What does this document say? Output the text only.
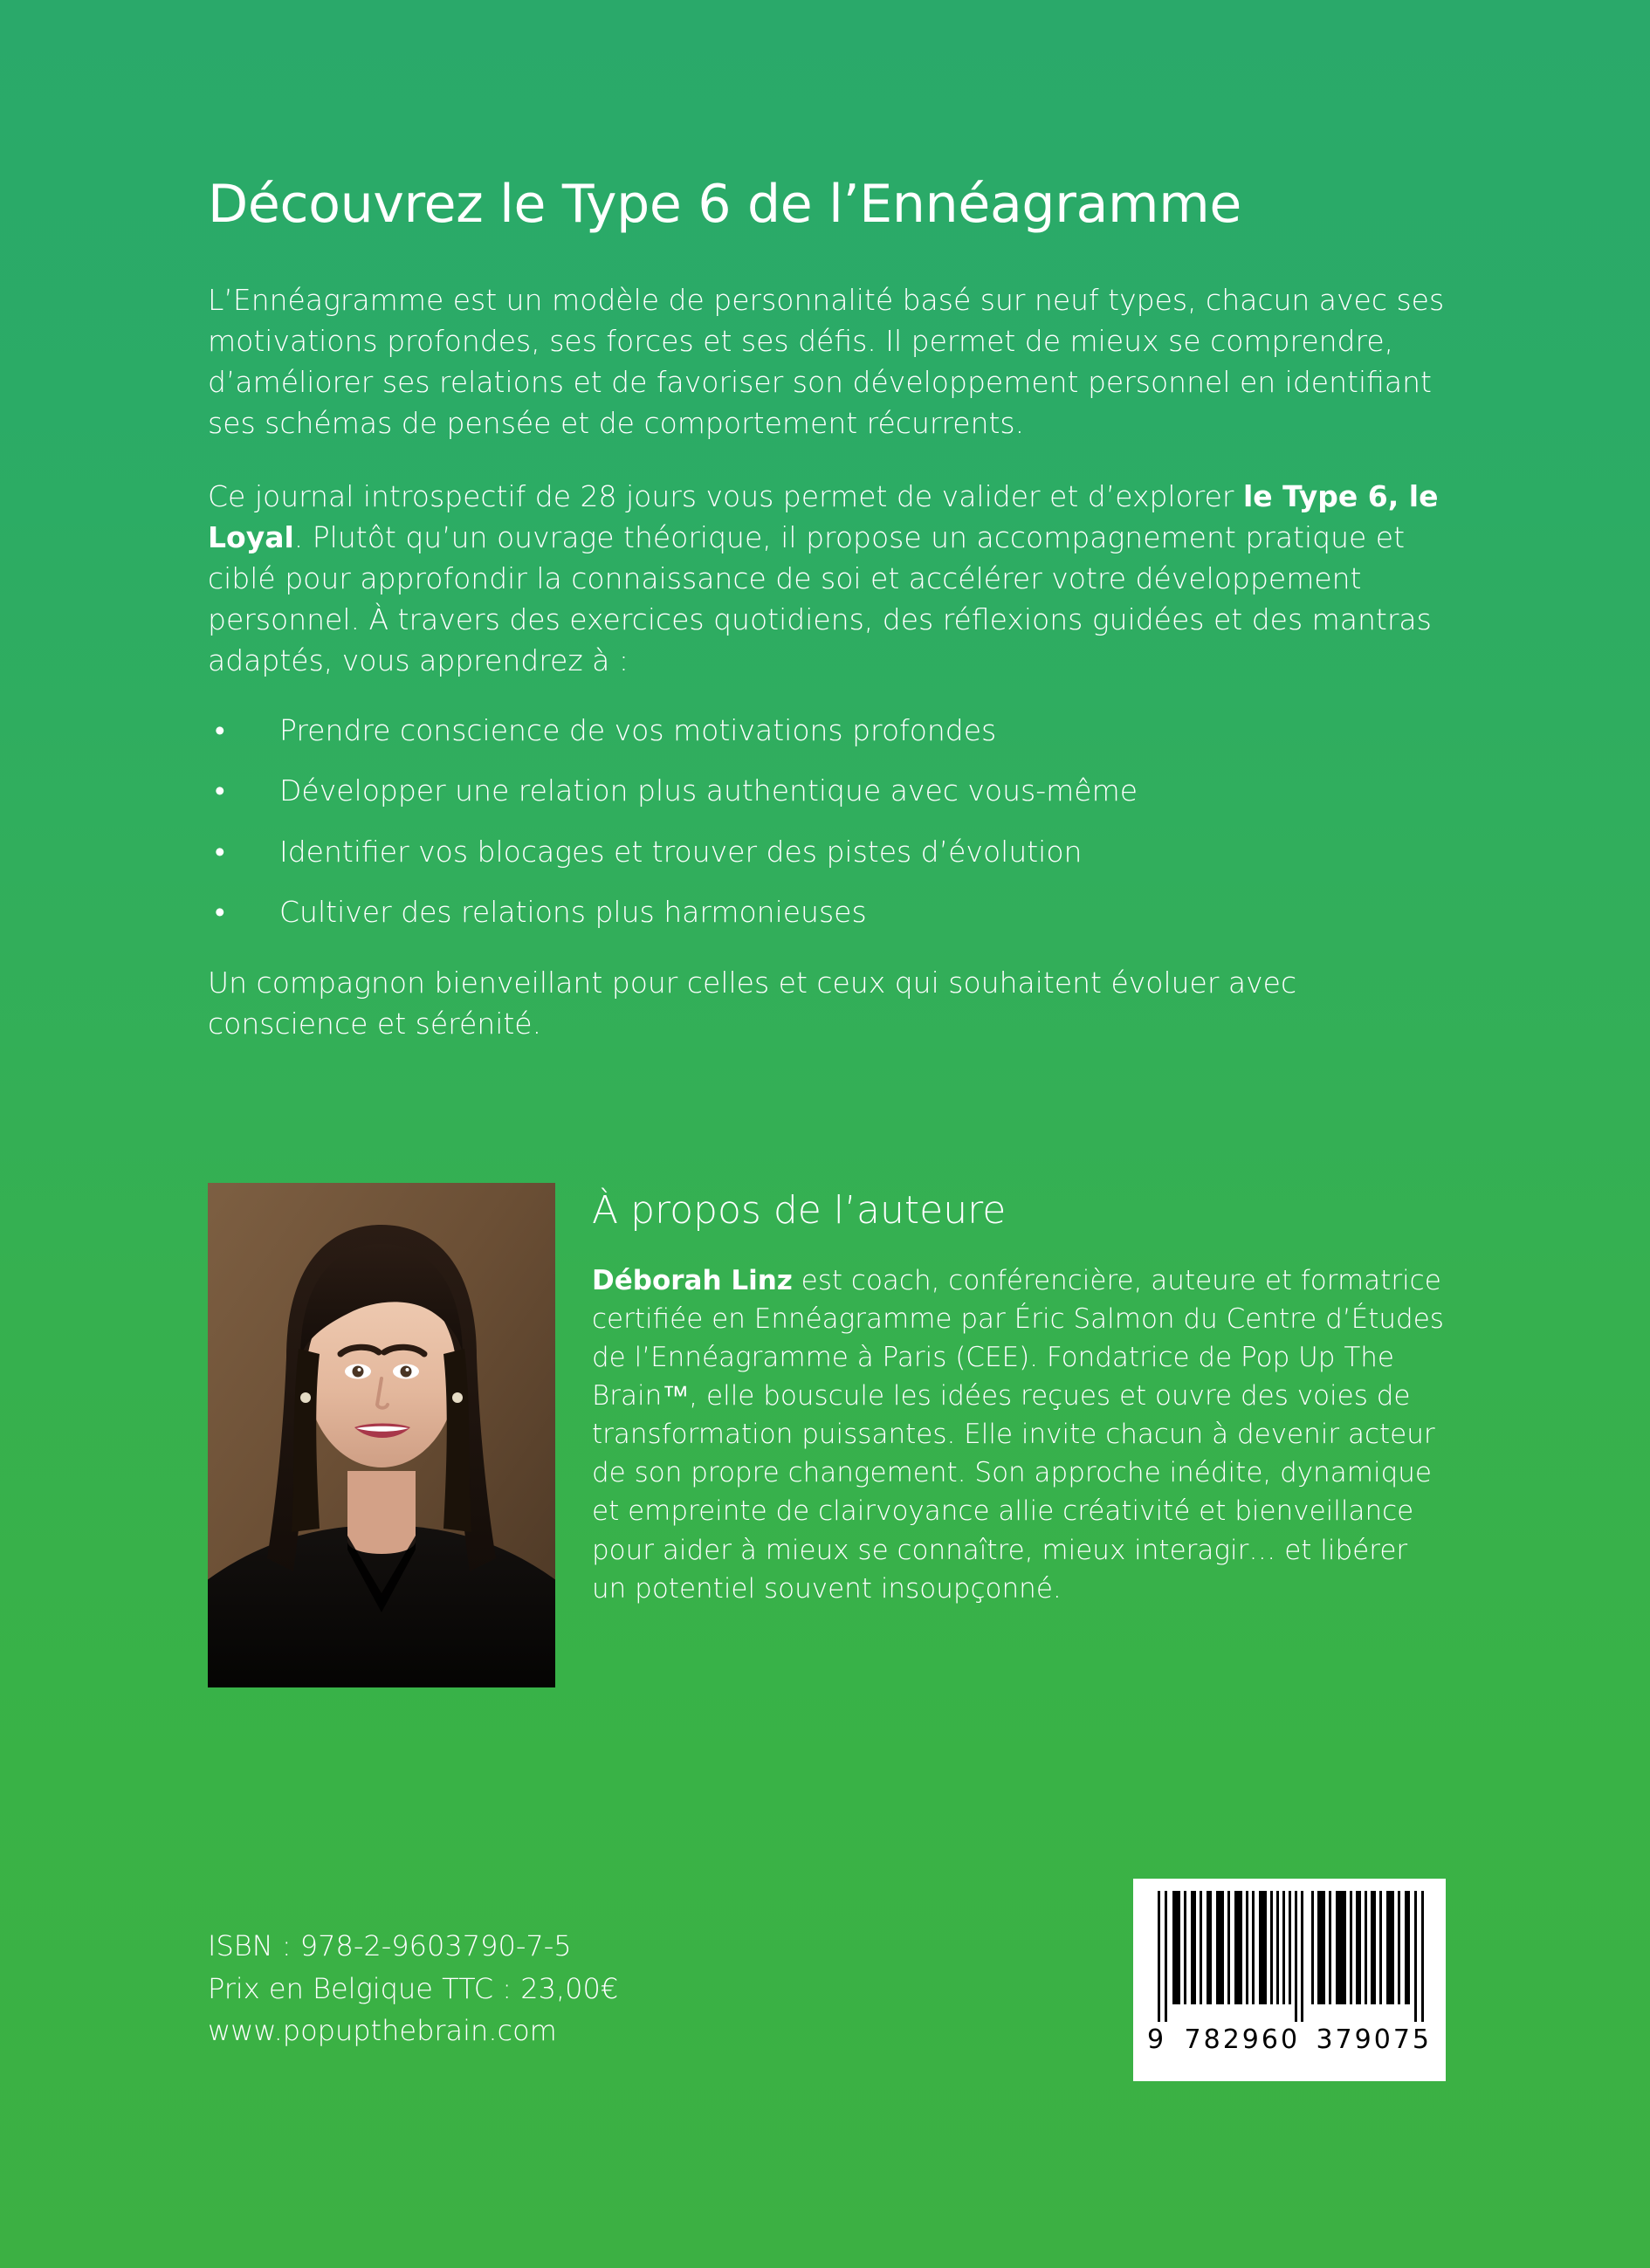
Découvrez le Type 6 de l’Ennéagramme

L’Ennéagramme est un modèle de personnalité basé sur neuf types, chacun avec ses motivations profondes, ses forces et ses défis. Il permet de mieux se comprendre, d’améliorer ses relations et de favoriser son développement personnel en identifiant ses schémas de pensée et de comportement récurrents.

Ce journal introspectif de 28 jours vous permet de valider et d’explorer le Type 6, le Loyal. Plutôt qu’un ouvrage théorique, il propose un accompagnement pratique et ciblé pour approfondir la connaissance de soi et accélérer votre développement personnel. À travers des exercices quotidiens, des réflexions guidées et des mantras adaptés, vous apprendrez à :

• Prendre conscience de vos motivations profondes
• Développer une relation plus authentique avec vous-même
• Identifier vos blocages et trouver des pistes d’évolution
• Cultiver des relations plus harmonieuses

Un compagnon bienveillant pour celles et ceux qui souhaitent évoluer avec conscience et sérénité.

À propos de l’auteure
Déborah Linz est coach, conférencière, auteure et formatrice certifiée en Ennéagramme par Éric Salmon du Centre d’Études de l’Ennéagramme à Paris (CEE). Fondatrice de Pop Up The Brain™, elle bouscule les idées reçues et ouvre des voies de transformation puissantes. Elle invite chacun à devenir acteur de son propre changement. Son approche inédite, dynamique et empreinte de clairvoyance allie créativité et bienveillance pour aider à mieux se connaître, mieux interagir… et libérer un potentiel souvent insoupçonné.
ISBN : 978-2-9603790-7-5
Prix en Belgique TTC : 23,00€
www.popupthebrain.com	9 782960 379075
